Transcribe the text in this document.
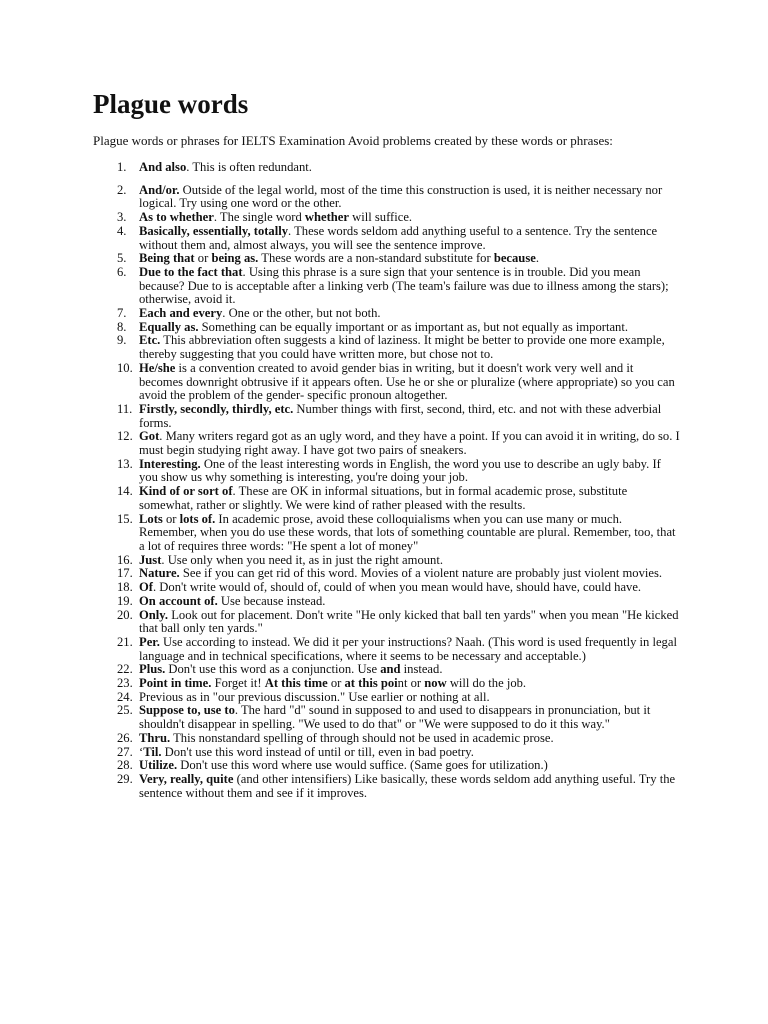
Plague words

Plague words or phrases for IELTS Examination Avoid problems created by these words or phrases:

1. And also. This is often redundant.
2. And/or. Outside of the legal world, most of the time this construction is used, it is neither necessary nor logical. Try using one word or the other.
3. As to whether. The single word whether will suffice.
4. Basically, essentially, totally. These words seldom add anything useful to a sentence. Try the sentence without them and, almost always, you will see the sentence improve.
5. Being that or being as. These words are a non-standard substitute for because.
6. Due to the fact that. Using this phrase is a sure sign that your sentence is in trouble. Did you mean because? Due to is acceptable after a linking verb (The team's failure was due to illness among the stars); otherwise, avoid it.
7. Each and every. One or the other, but not both.
8. Equally as. Something can be equally important or as important as, but not equally as important.
9. Etc. This abbreviation often suggests a kind of laziness. It might be better to provide one more example, thereby suggesting that you could have written more, but chose not to.
10. He/she is a convention created to avoid gender bias in writing, but it doesn't work very well and it becomes downright obtrusive if it appears often. Use he or she or pluralize (where appropriate) so you can avoid the problem of the gender- specific pronoun altogether.
11. Firstly, secondly, thirdly, etc. Number things with first, second, third, etc. and not with these adverbial forms.
12. Got. Many writers regard got as an ugly word, and they have a point. If you can avoid it in writing, do so. I must begin studying right away. I have got two pairs of sneakers.
13. Interesting. One of the least interesting words in English, the word you use to describe an ugly baby. If you show us why something is interesting, you're doing your job.
14. Kind of or sort of. These are OK in informal situations, but in formal academic prose, substitute somewhat, rather or slightly. We were kind of rather pleased with the results.
15. Lots or lots of. In academic prose, avoid these colloquialisms when you can use many or much. Remember, when you do use these words, that lots of something countable are plural. Remember, too, that a lot of requires three words: "He spent a lot of money"
16. Just. Use only when you need it, as in just the right amount.
17. Nature. See if you can get rid of this word. Movies of a violent nature are probably just violent movies.
18. Of. Don't write would of, should of, could of when you mean would have, should have, could have.
19. On account of. Use because instead.
20. Only. Look out for placement. Don't write "He only kicked that ball ten yards" when you mean "He kicked that ball only ten yards."
21. Per. Use according to instead. We did it per your instructions? Naah. (This word is used frequently in legal language and in technical specifications, where it seems to be necessary and acceptable.)
22. Plus. Don't use this word as a conjunction. Use and instead.
23. Point in time. Forget it! At this time or at this point or now will do the job.
24. Previous as in "our previous discussion." Use earlier or nothing at all.
25. Suppose to, use to. The hard "d" sound in supposed to and used to disappears in pronunciation, but it shouldn't disappear in spelling. "We used to do that" or "We were supposed to do it this way."
26. Thru. This nonstandard spelling of through should not be used in academic prose.
27. ‘Til. Don't use this word instead of until or till, even in bad poetry.
28. Utilize. Don't use this word where use would suffice. (Same goes for utilization.)
29. Very, really, quite (and other intensifiers) Like basically, these words seldom add anything useful. Try the sentence without them and see if it improves.
